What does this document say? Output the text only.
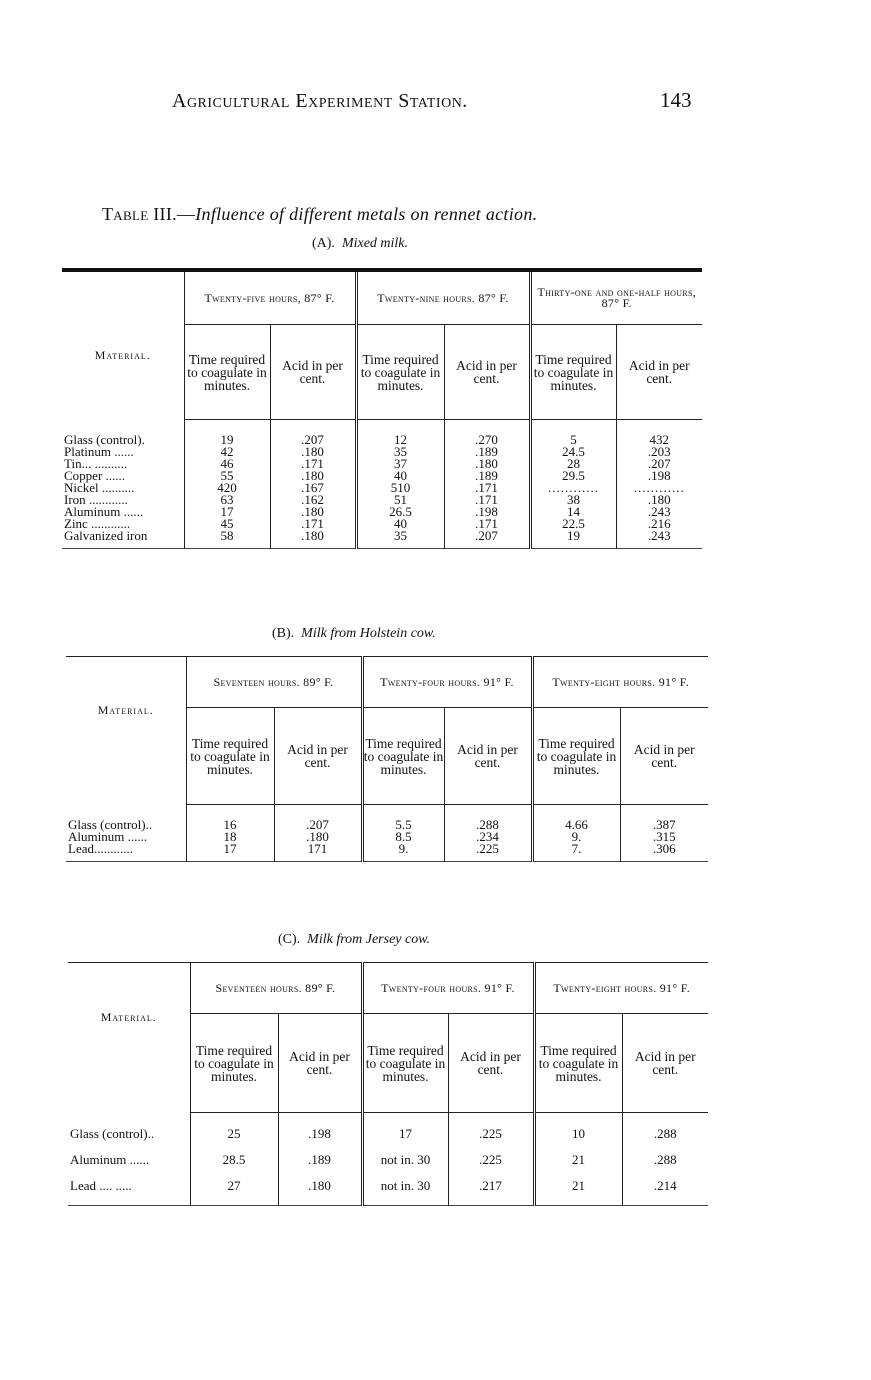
Agricultural Experiment Station.	143
Table III.—Influence of different metals on rennet action.
(A). Mixed milk.
Material.	Twenty-five hours, 87° F.		Twenty-nine hours. 87° F.		Thirty-one and one-half hours, 87° F.	
	Time required to coagulate in minutes.	Acid in per cent.	Time required to coagulate in minutes.	Acid in per cent.	Time required to coagulate in minutes.	Acid in per cent.
Glass (control).	19	.207	12	.270	5	432
Platinum ......	42	.180	35	.189	24.5	.203
Tin... ..........	46	.171	37	.180	28	.207
Copper ......	55	.180	40	.189	29.5	.198
Nickel ..........	420	.167	510	.171	............	............
Iron ............	63	.162	51	.171	38	.180
Aluminum ......	17	.180	26.5	.198	14	.243
Zinc ............	45	.171	40	.171	22.5	.216
Galvanized iron	58	.180	35	.207	19	.243
(B). Milk from Holstein cow.
Material.	Seventeen hours. 89° F.		Twenty-four hours. 91° F.		Twenty-eight hours. 91° F.	
	Time required to coagulate in minutes.	Acid in per cent.	Time required to coagulate in minutes.	Acid in per cent.	Time required to coagulate in minutes.	Acid in per cent.
Glass (control)..	16	.207	5.5	.288	4.66	.387
Aluminum ......	18	.180	8.5	.234	9.	.315
Lead............	17	171	9.	.225	7.	.306
(C). Milk from Jersey cow.
Material.	Seventeen hours. 89° F.		Twenty-four hours. 91° F.		Twenty-eight hours. 91° F.	
	Time required to coagulate in minutes.	Acid in per cent.	Time required to coagulate in minutes.	Acid in per cent.	Time required to coagulate in minutes.	Acid in per cent.
Glass (control)..	25	.198	17	.225	10	.288
Aluminum ......	28.5	.189	not in. 30	.225	21	.288
Lead .... .....	27	.180	not in. 30	.217	21	.214
